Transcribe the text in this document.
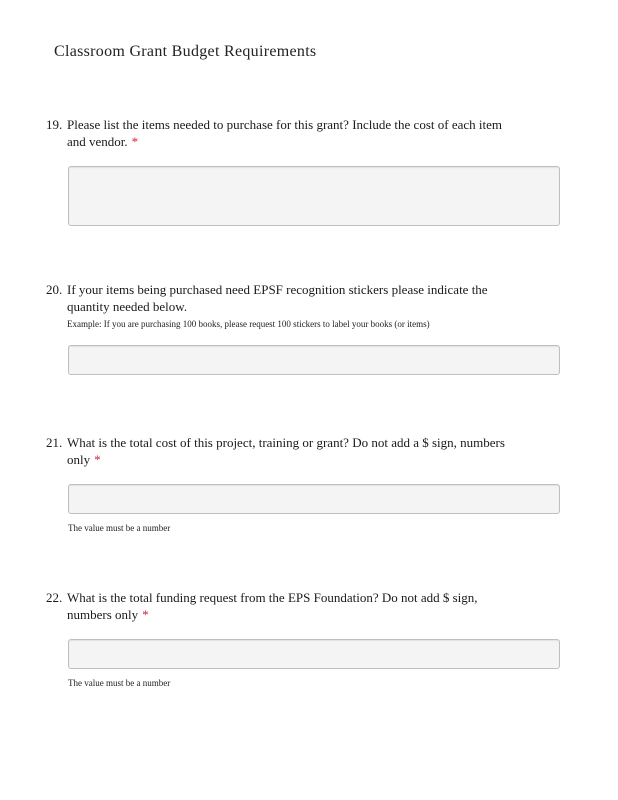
Classroom Grant Budget Requirements
19. Please list the items needed to purchase for this grant? Include the cost of each item and vendor. *
20. If your items being purchased need EPSF recognition stickers please indicate the quantity needed below.
Example: If you are purchasing 100 books, please request 100 stickers to label your books (or items)
21. What is the total cost of this project, training or grant? Do not add a $ sign, numbers only *
The value must be a number
22. What is the total funding request from the EPS Foundation? Do not add $ sign, numbers only *
The value must be a number
